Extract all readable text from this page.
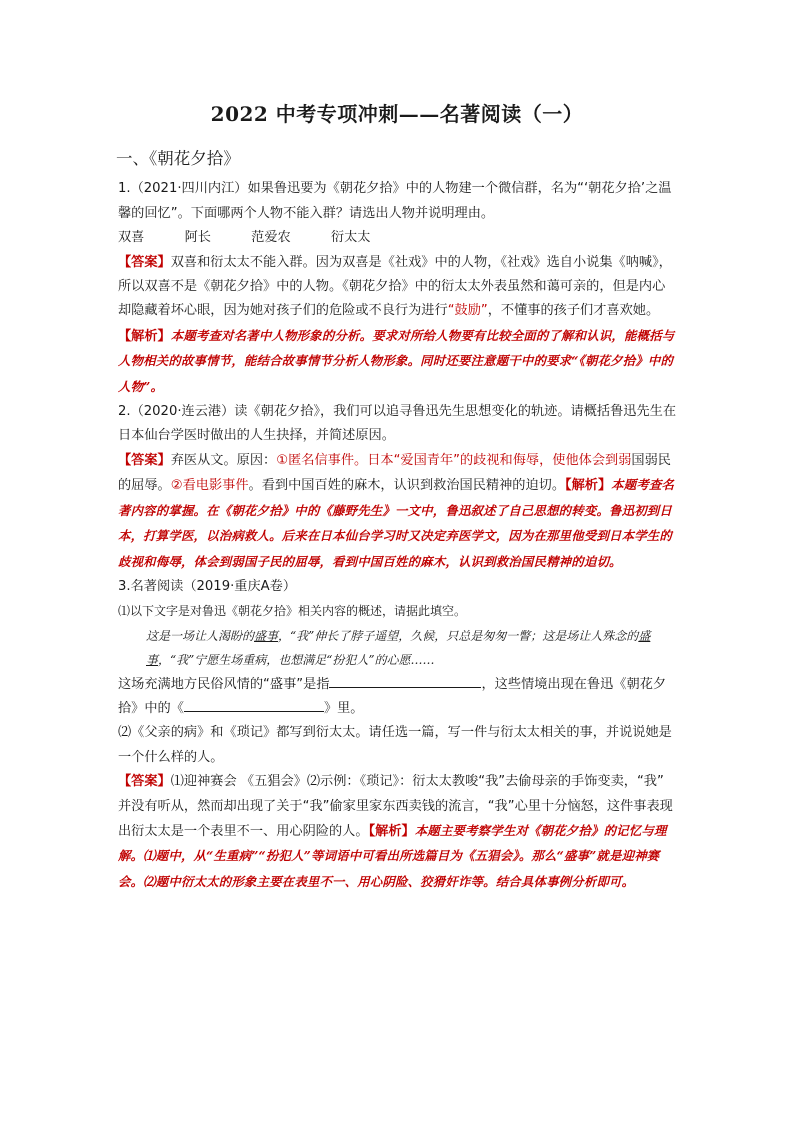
2022 中考专项冲刺——名著阅读（一）
一、《朝花夕拾》

1.（2021·四川内江）如果鲁迅要为《朝花夕拾》中的人物建一个微信群，名为“‘朝花夕拾’之温馨的回忆”。下面哪两个人物不能入群？请选出人物并说明理由。

双喜	阿长	范爱农	衍太太

【答案】双喜和衍太太不能入群。因为双喜是《社戏》中的人物，《社戏》选自小说集《呐喊》，所以双喜不是《朝花夕拾》中的人物。《朝花夕拾》中的衍太太外表虽然和蔼可亲的，但是内心却隐藏着坏心眼，因为她对孩子们的危险或不良行为进行“鼓励”，不懂事的孩子们才喜欢她。【解析】本题考查对名著中人物形象的分析。要求对所给人物要有比较全面的了解和认识，能概括与人物相关的故事情节，能结合故事情节分析人物形象。同时还要注意题干中的要求“《朝花夕拾》中的人物”。

2.（2020·连云港）读《朝花夕拾》，我们可以追寻鲁迅先生思想变化的轨迹。请概括鲁迅先生在日本仙台学医时做出的人生抉择，并简述原因。

【答案】弃医从文。原因：①匿名信事件。日本“爱国青年”的歧视和侮辱，使他体会到弱国弱民的屈辱。②看电影事件。看到中国百姓的麻木，认识到救治国民精神的迫切。【解析】本题考查名著内容的掌握。在《朝花夕拾》中的《藤野先生》一文中，鲁迅叙述了自己思想的转变。鲁迅初到日本，打算学医，以治病救人。后来在日本仙台学习时又决定弃医学文，因为在那里他受到日本学生的歧视和侮辱，体会到弱国子民的屈辱，看到中国百姓的麻木，认识到救治国民精神的迫切。

3.名著阅读（2019·重庆A卷）

⑴以下文字是对鲁迅《朝花夕拾》相关内容的概述，请据此填空。

这是一场让人渴盼的盛事，“我”伸长了脖子遥望，久候，只总是匆匆一瞥；这是场让人殊念的盛事，“我”宁愿生场重病，也想满足“扮犯人”的心愿……

这场充满地方民俗风情的“盛事”是指	，这些情境出现在鲁迅《朝花夕拾》中的《	》里。

⑵《父亲的病》和《琐记》都写到衍太太。请任选一篇，写一件与衍太太相关的事，并说说她是一个什么样的人。

【答案】⑴迎神赛会 《五猖会》⑵示例：《琐记》：衍太太教唆“我”去偷母亲的手饰变卖，“我” 并没有听从，然而却出现了关于“我”偷家里家东西卖钱的流言，“我”心里十分恼怒，这件事表现出衍太太是一个表里不一、用心阴险的人。【解析】本题主要考察学生对《朝花夕拾》的记忆与理解。⑴题中，从“生重病”“扮犯人”等词语中可看出所选篇目为《五猖会》。那么“盛事”就是迎神赛会。⑵题中衍太太的形象主要在表里不一、用心阴险、狡猾奸诈等。结合具体事例分析即可。
